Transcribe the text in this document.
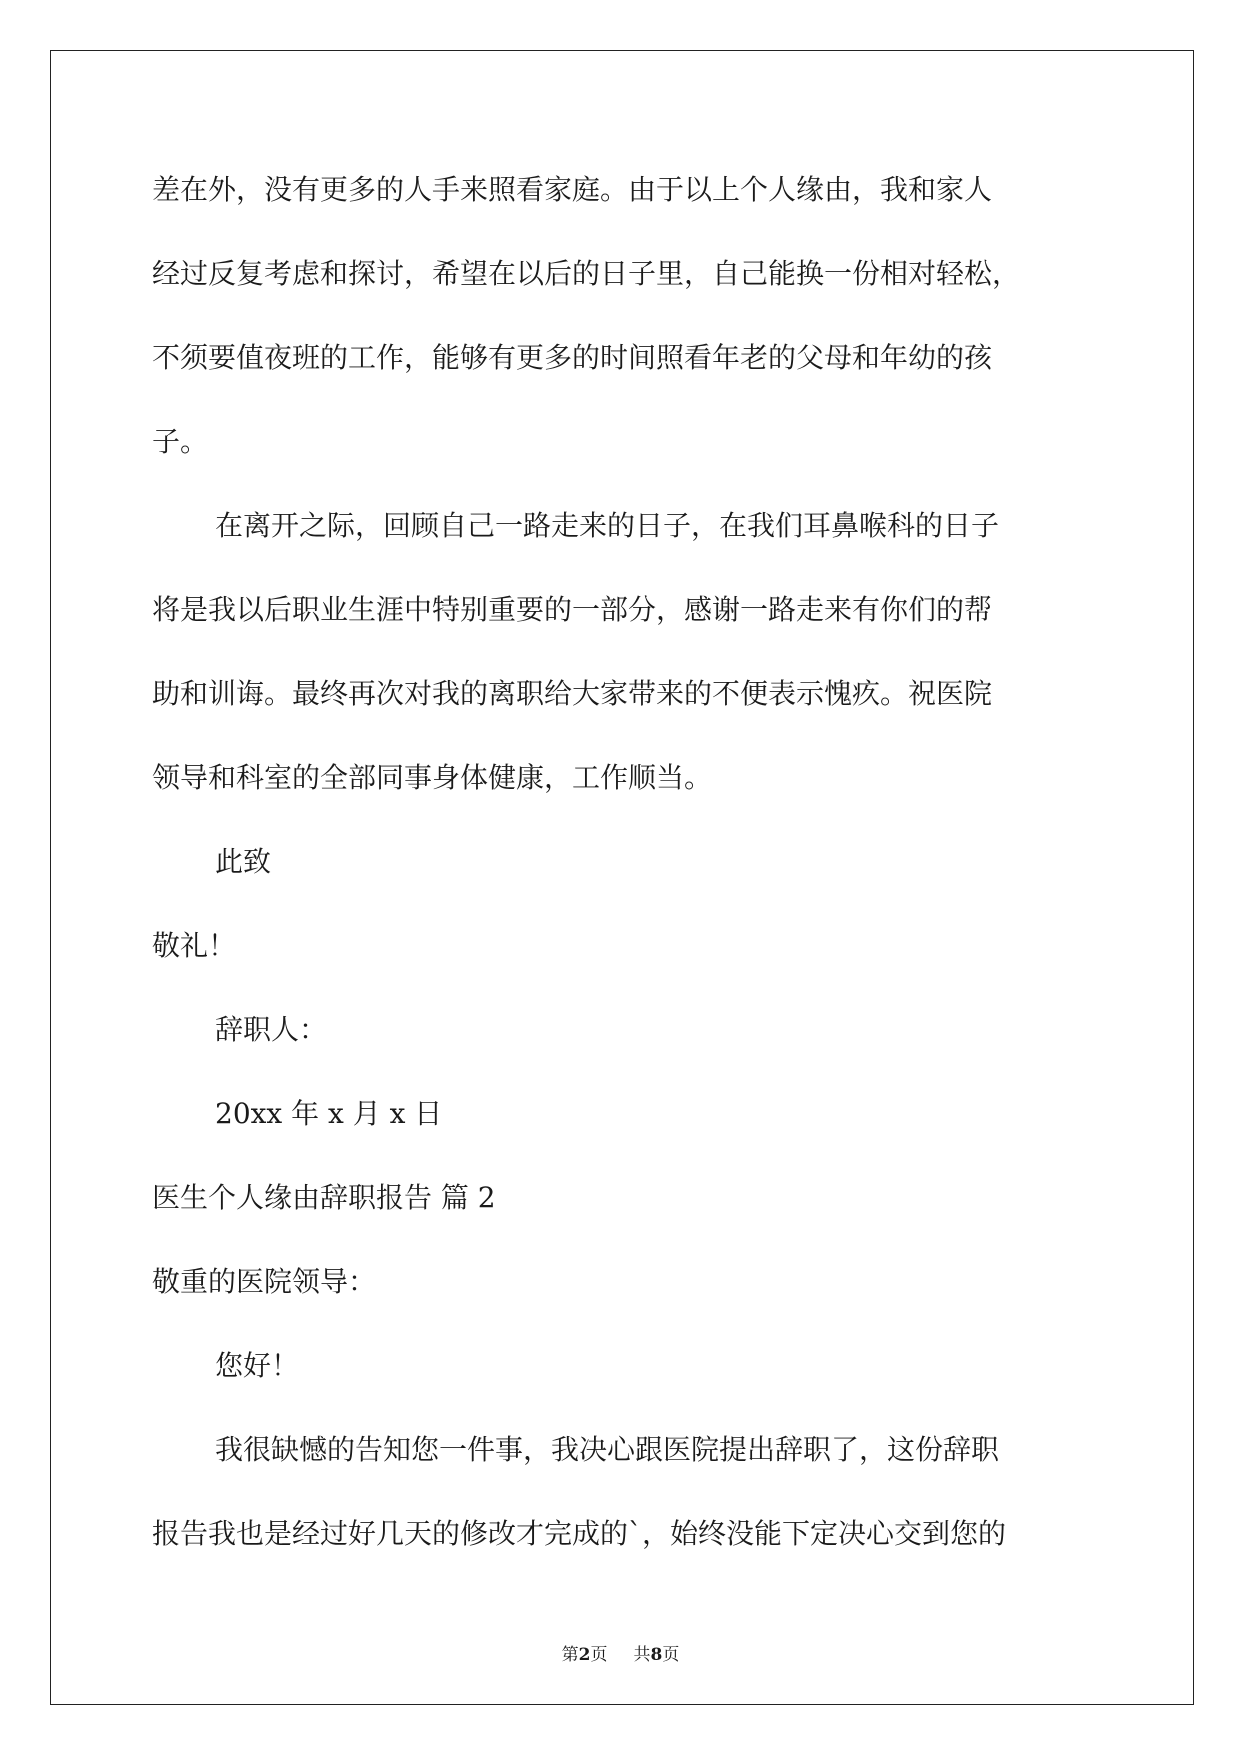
差在外，没有更多的人手来照看家庭。由于以上个人缘由，我和家人
经过反复考虑和探讨，希望在以后的日子里，自己能换一份相对轻松，
不须要值夜班的工作，能够有更多的时间照看年老的父母和年幼的孩
子。
在离开之际，回顾自己一路走来的日子，在我们耳鼻喉科的日子
将是我以后职业生涯中特别重要的一部分，感谢一路走来有你们的帮
助和训诲。最终再次对我的离职给大家带来的不便表示愧疚。祝医院
领导和科室的全部同事身体健康，工作顺当。
此致
敬礼！
辞职人：
20xx 年 x 月 x 日
医生个人缘由辞职报告 篇 2
敬重的医院领导：
您好！
我很缺憾的告知您一件事，我决心跟医院提出辞职了，这份辞职
报告我也是经过好几天的修改才完成的`，始终没能下定决心交到您的
第2页 共8页
